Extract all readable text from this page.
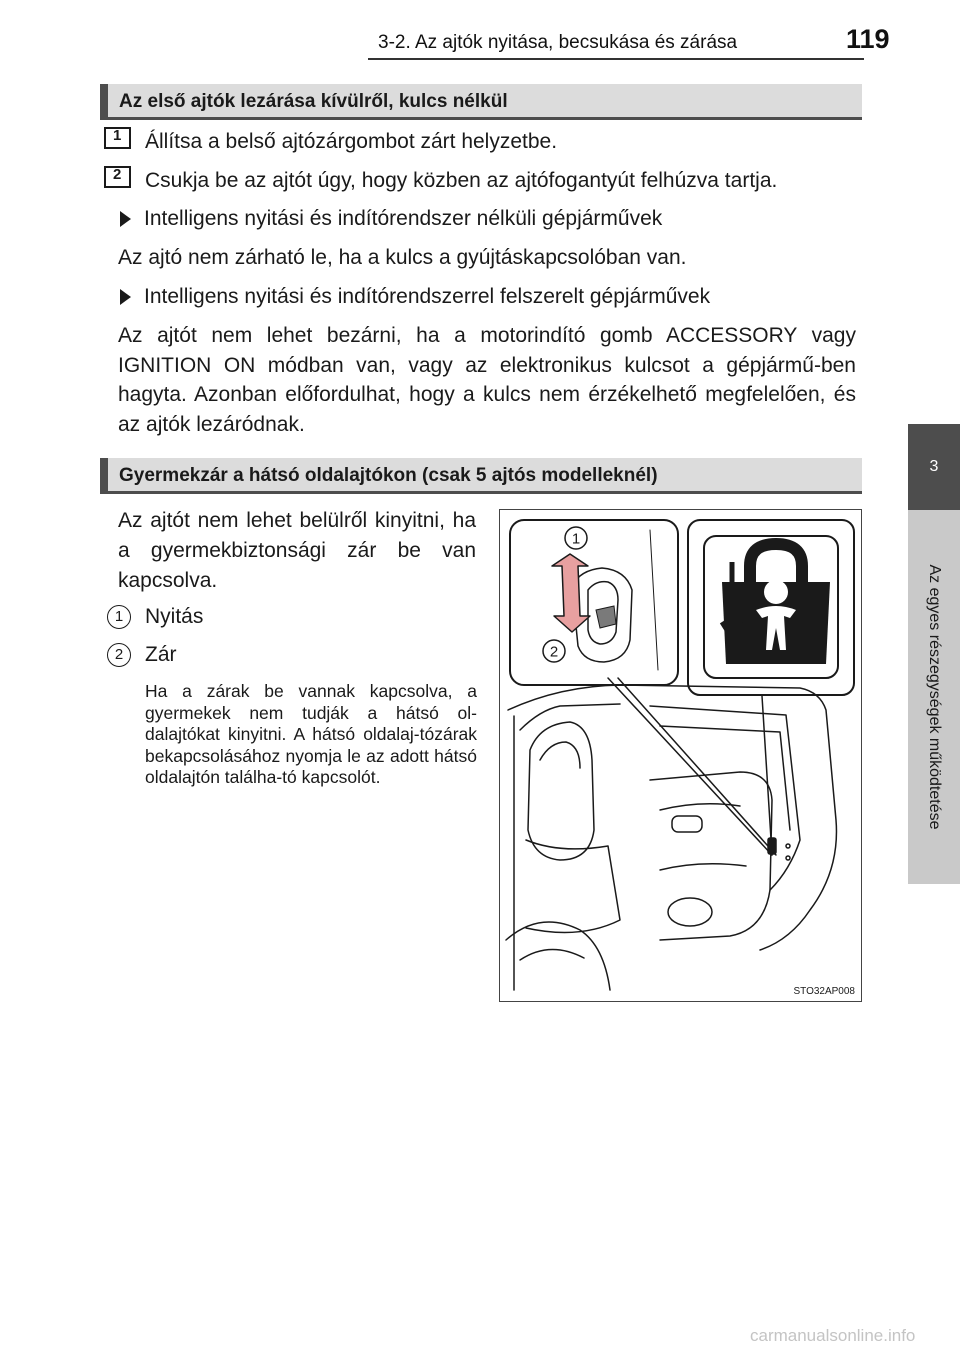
3-2. Az ajtók nyitása, becsukása és zárása	119
3
Az egyes részegységek működtetése
Az első ajtók lezárása kívülről, kulcs nélkül
1 Állítsa a belső ajtózárgombot zárt helyzetbe.
2 Csukja be az ajtót úgy, hogy közben az ajtófogantyút felhúzva tartja.
Intelligens nyitási és indítórendszer nélküli gépjárművek
Az ajtó nem zárható le, ha a kulcs a gyújtáskapcsolóban van.
Intelligens nyitási és indítórendszerrel felszerelt gépjárművek
Az ajtót nem lehet bezárni, ha a motorindító gomb ACCESSORY vagy IGNITION ON módban van, vagy az elektronikus kulcsot a gépjármű-ben hagyta. Azonban előfordulhat, hogy a kulcs nem érzékelhető megfelelően, és az ajtók lezáródnak.
Gyermekzár a hátsó oldalajtókon (csak 5 ajtós modelleknél)
Az ajtót nem lehet belülről kinyitni, ha a gyermekbiztonsági zár be van kapcsolva.
1	Nyitás
2	Zár
Ha a zárak be vannak kapcsolva, a gyermekek nem tudják a hátsó ol-dalajtókat kinyitni. A hátsó oldalaj-tózárak bekapcsolásához nyomja le az adott hátsó oldalajtón találha-tó kapcsolót.
1
2
STO32AP008
carmanualsonline.info
